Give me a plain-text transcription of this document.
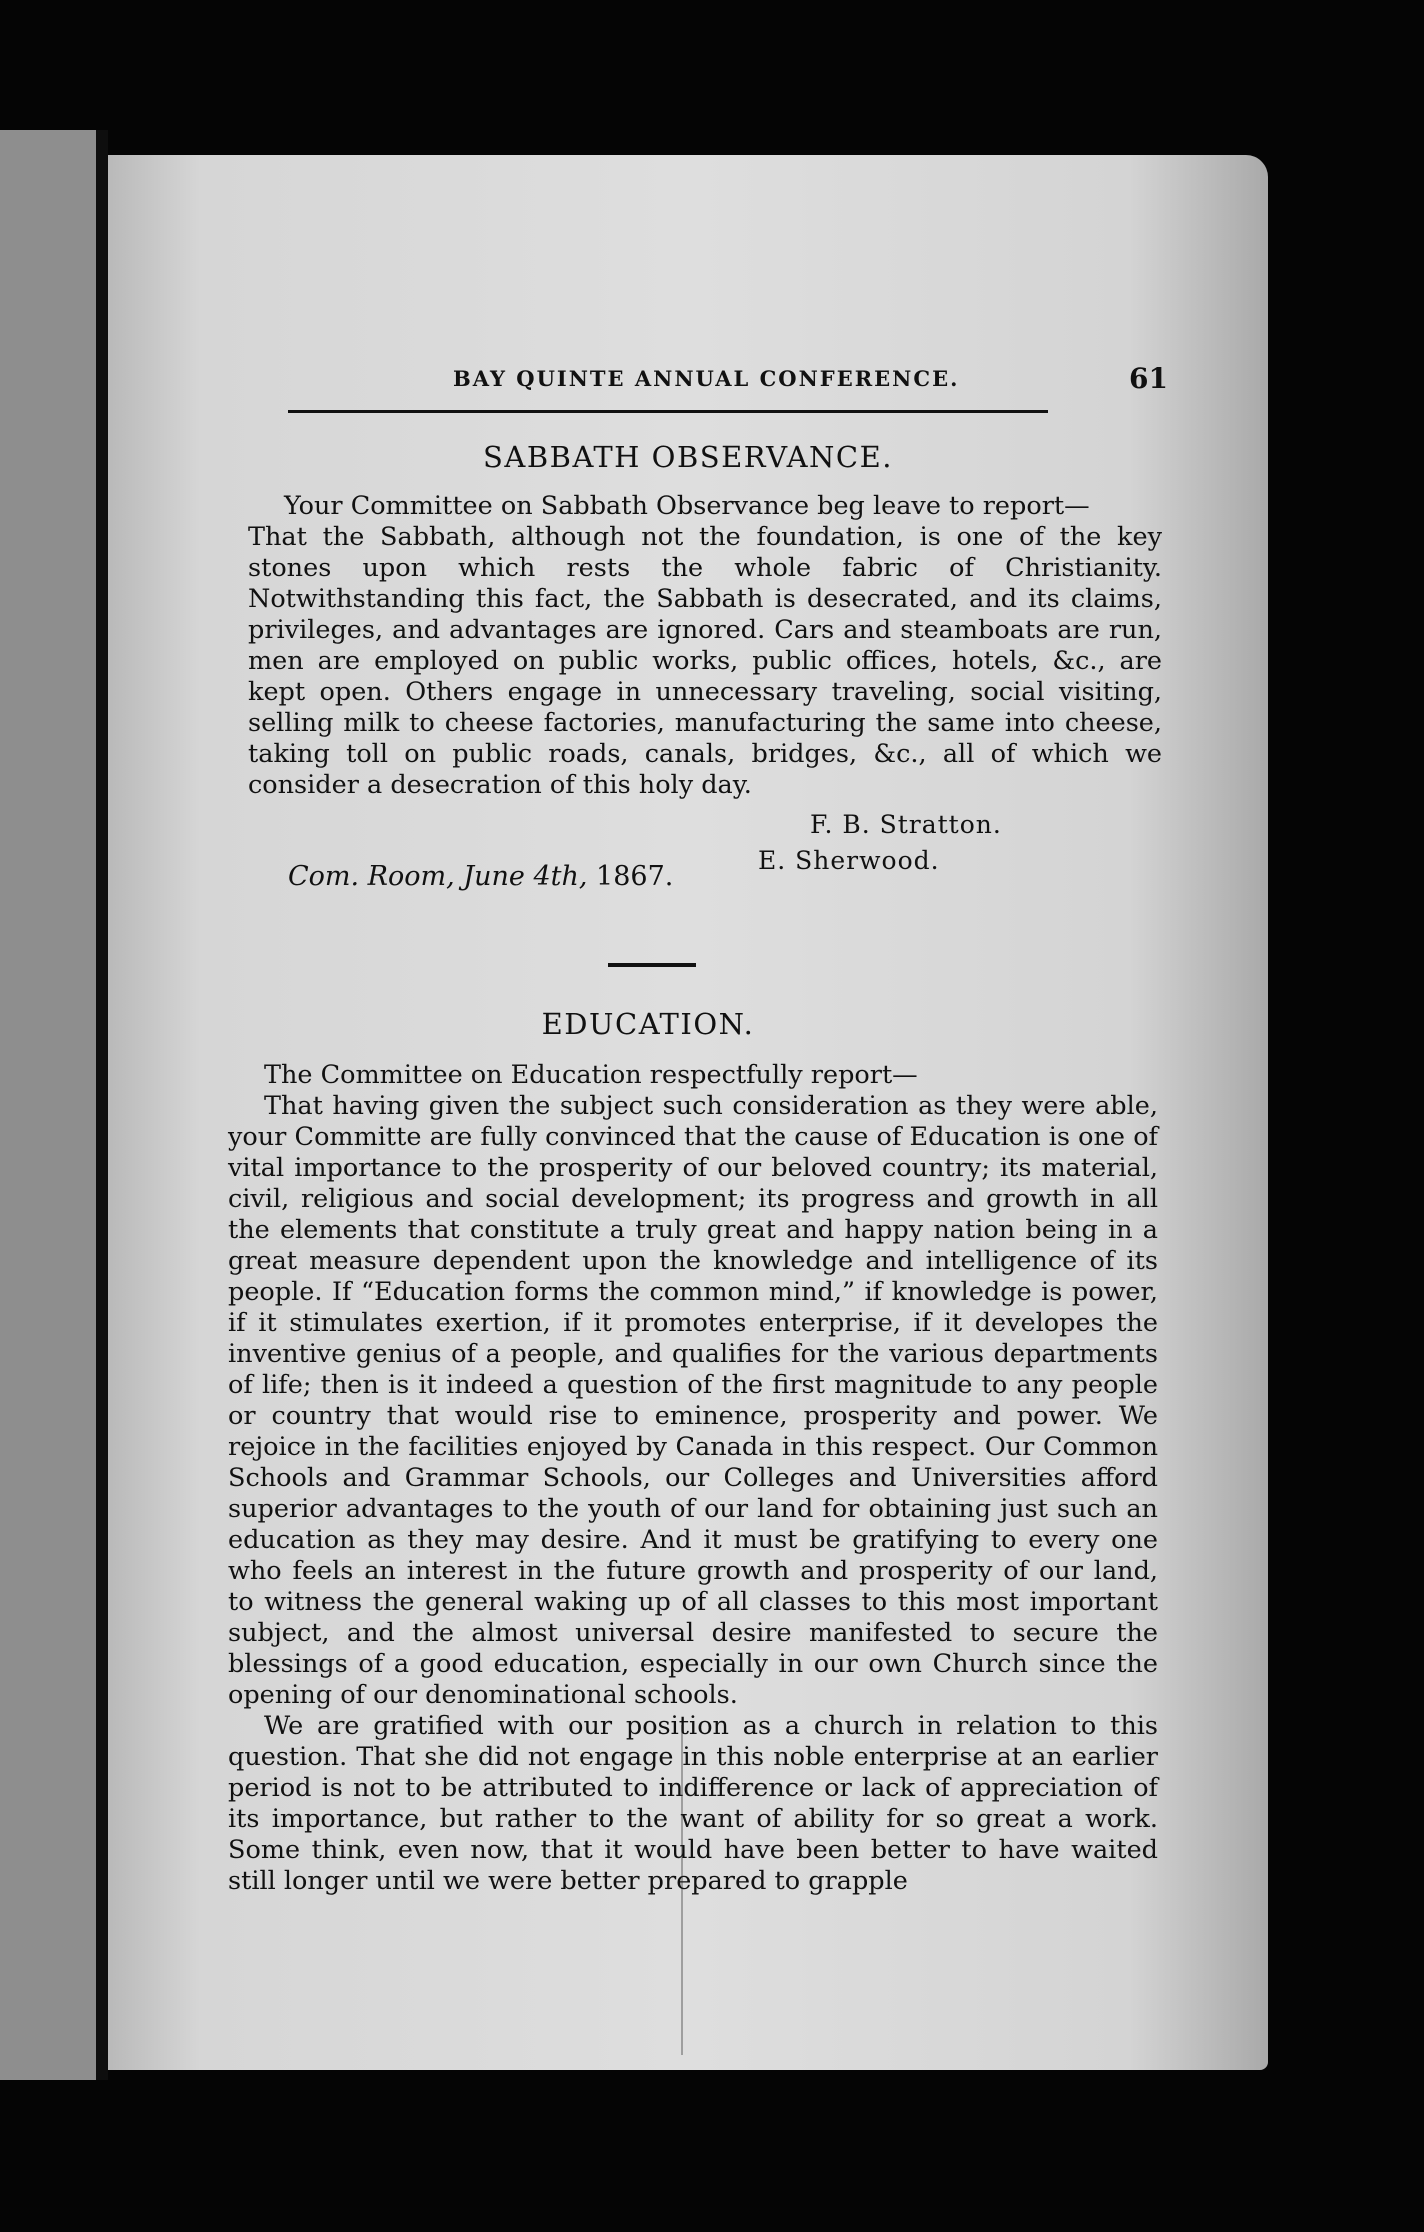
BAY QUINTE ANNUAL CONFERENCE.	61
SABBATH OBSERVANCE.

Your Committee on Sabbath Observance beg leave to report—

That the Sabbath, although not the foundation, is one of the key stones upon which rests the whole fabric of Christianity. Notwithstanding this fact, the Sabbath is desecrated, and its claims, privileges, and advantages are ignored. Cars and steamboats are run, men are employed on public works, public offices, hotels, &c., are kept open. Others engage in unnecessary traveling, social visiting, selling milk to cheese factories, manufacturing the same into cheese, taking toll on public roads, canals, bridges, &c., all of which we consider a desecration of this holy day.

F. B. Stratton.
E. Sherwood.
Com. Room, June 4th, 1867.
EDUCATION.

The Committee on Education respectfully report—

That having given the subject such consideration as they were able, your Committe are fully convinced that the cause of Education is one of vital importance to the prosperity of our beloved country; its material, civil, religious and social development; its progress and growth in all the elements that constitute a truly great and happy nation being in a great measure dependent upon the knowledge and intelligence of its people. If “Education forms the common mind,” if knowledge is power, if it stimulates exertion, if it promotes enterprise, if it developes the inventive genius of a people, and qualifies for the various departments of life; then is it indeed a question of the first magnitude to any people or country that would rise to eminence, prosperity and power. We rejoice in the facilities enjoyed by Canada in this respect. Our Common Schools and Grammar Schools, our Colleges and Universities afford superior advantages to the youth of our land for obtaining just such an education as they may desire. And it must be gratifying to every one who feels an interest in the future growth and prosperity of our land, to witness the general waking up of all classes to this most important subject, and the almost universal desire manifested to secure the blessings of a good education, especially in our own Church since the opening of our denominational schools.

We are gratified with our position as a church in relation to this question. That she did not engage in this noble enterprise at an earlier period is not to be attributed to indifference or lack of appreciation of its importance, but rather to the want of ability for so great a work. Some think, even now, that it would have been better to have waited still longer until we were better prepared to grapple
